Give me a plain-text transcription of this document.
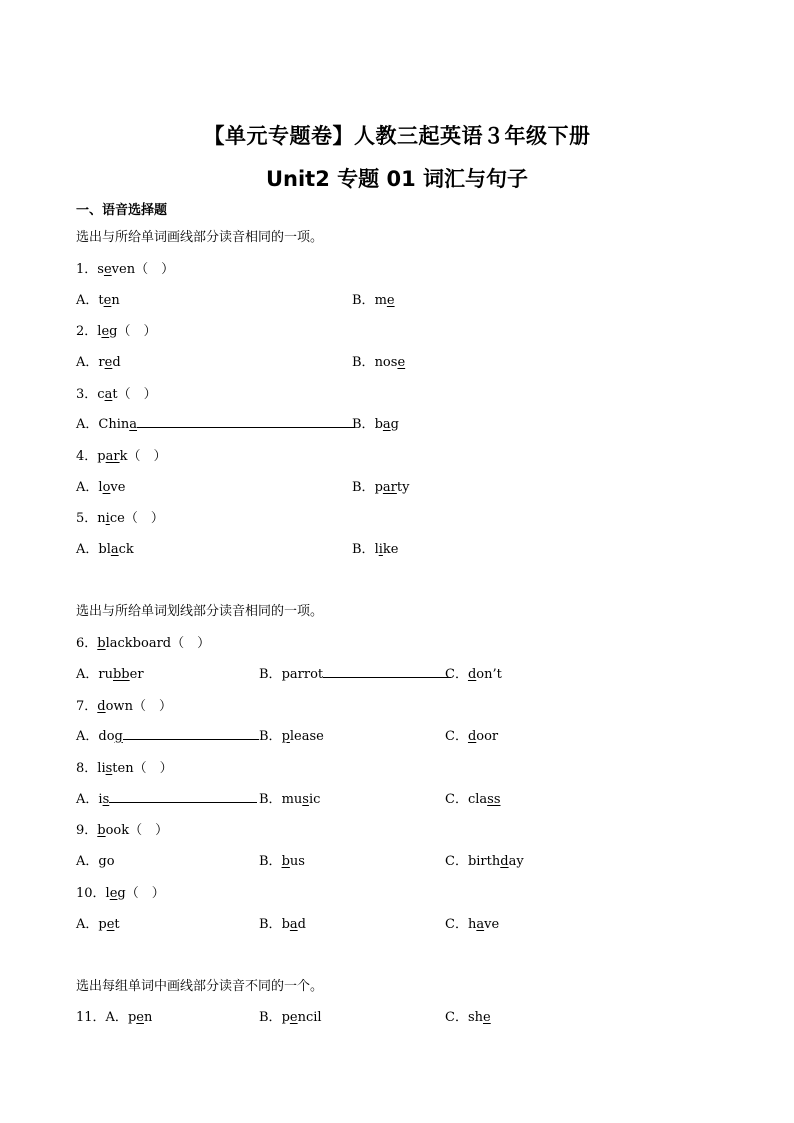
【单元专题卷】人教三起英语３年级下册
Unit2 专题 01 词汇与句子
一、语音选择题
选出与所给单词画线部分读音相同的一项。
1．seven（　）
A．ten	B．me
2．leg（　）
A．red	B．nose
3．cat（　）
A．China	B．bag
4．park（　）
A．love	B．party
5．nice（　）
A．black	B．like
选出与所给单词划线部分读音相同的一项。
6．blackboard（　）
A．rubber	B．parrot	C．don’t
7．down（　）
A．dog	B．please	C．door
8．listen（　）
A．is	B．music	C．class
9．book（　）
A．go	B．bus	C．birthday
10．leg（　）
A．pet	B．bad	C．have
选出每组单词中画线部分读音不同的一个。
11．A．pen	B．pencil	C．she
